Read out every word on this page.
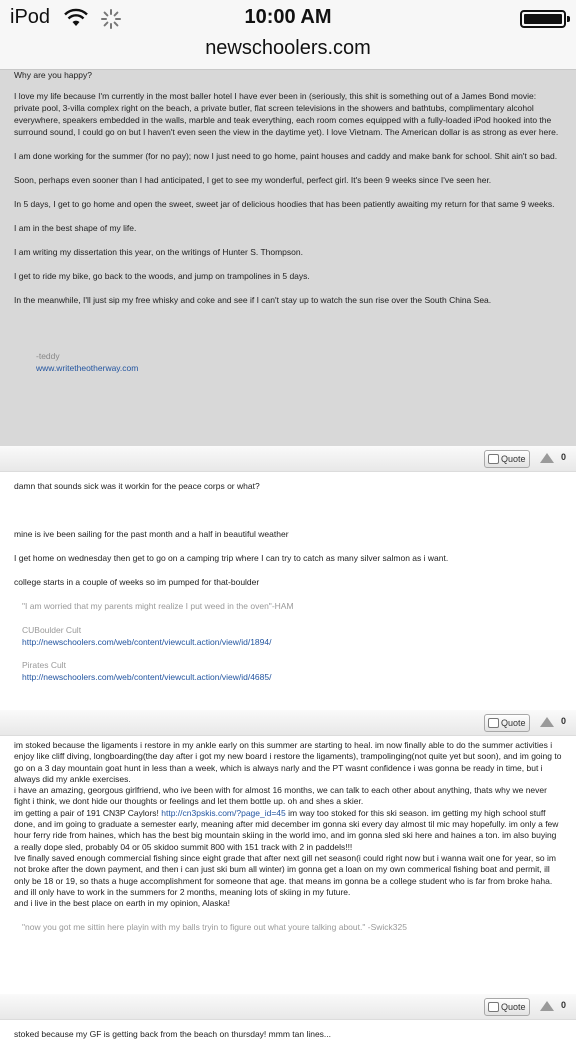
iPod	10:00 AM
newschoolers.com
Why are you happy?

I love my life because I'm currently in the most baller hotel I have ever been in (seriously, this shit is something out of a James Bond movie: private pool, 3-villa complex right on the beach, a private butler, flat screen televisions in the showers and bathtubs, complimentary alcohol everywhere, speakers embedded in the walls, marble and teak everything, each room comes equipped with a fully-loaded iPod hooked into the surround sound, I could go on but I haven't even seen the view in the daytime yet). I love Vietnam. The American dollar is as strong as ever here.

I am done working for the summer (for no pay); now I just need to go home, paint houses and caddy and make bank for school. Shit ain't so bad.

Soon, perhaps even sooner than I had anticipated, I get to see my wonderful, perfect girl. It's been 9 weeks since I've seen her.

In 5 days, I get to go home and open the sweet, sweet jar of delicious hoodies that has been patiently awaiting my return for that same 9 weeks.

I am in the best shape of my life.

I am writing my dissertation this year, on the writings of Hunter S. Thompson.

I get to ride my bike, go back to the woods, and jump on trampolines in 5 days.

In the meanwhile, I'll just sip my free whisky and coke and see if I can't stay up to watch the sun rise over the South China Sea.

-teddy
www.writetheotherway.com
Quote	0

damn that sounds sick was it workin for the peace corps or what?

mine is ive been sailing for the past month and a half in beautiful weather

I get home on wednesday then get to go on a camping trip where I can try to catch as many silver salmon as i want.

college starts in a couple of weeks so im pumped for that-boulder

"I am worried that my parents might realize I put weed in the oven"-HAM
CUBoulder Cult
http://newschoolers.com/web/content/viewcult.action/view/id/1894/
Pirates Cult
http://newschoolers.com/web/content/viewcult.action/view/id/4685/
Quote	0
im stoked because the ligaments i restore in my ankle early on this summer are starting to heal. im now finally able to do the summer activities i enjoy like cliff diving, longboarding(the day after i got my new board i restore the ligaments), trampolinging(not quite yet but soon), and im going to go on a 3 day mountain goat hunt in less than a week, which is always narly and the PT wasnt confidence i was gonna be ready in time, but i always did my ankle exercises.
i have an amazing, georgous girlfriend, who ive been with for almost 16 months, we can talk to each other about anything, thats why we never fight i think, we dont hide our thoughts or feelings and let them bottle up. oh and shes a skier.
im getting a pair of 191 CN3P Caylors! http://cn3pskis.com/?page_id=45 im way too stoked for this ski season. im getting my high school stuff done, and im going to graduate a semester early, meaning after mid december im gonna ski every day almost til mic may hopefully. im only a few hour ferry ride from haines, which has the best big mountain skiing in the world imo, and im gonna sled ski here and haines a ton. im also buying a really dope sled, probably 04 or 05 skidoo summit 800 with 151 track with 2 in paddels!!!
Ive finally saved enough commercial fishing since eight grade that after next gill net season(i could right now but i wanna wait one for year, so im not broke after the down payment, and then i can just ski bum all winter) im gonna get a loan on my own commerical fishing boat and permit, ill only be 18 or 19, so thats a huge accomplishment for someone that age. that means im gonna be a college student who is far from broke haha. and ill only have to work in the summers for 2 months, meaning lots of skiing in my future.
and i live in the best place on earth in my opinion, Alaska!
"now you got me sittin here playin with my balls tryin to figure out what youre talking about." -Swick325
Quote	0

stoked because my GF is getting back from the beach on thursday! mmm tan lines...
